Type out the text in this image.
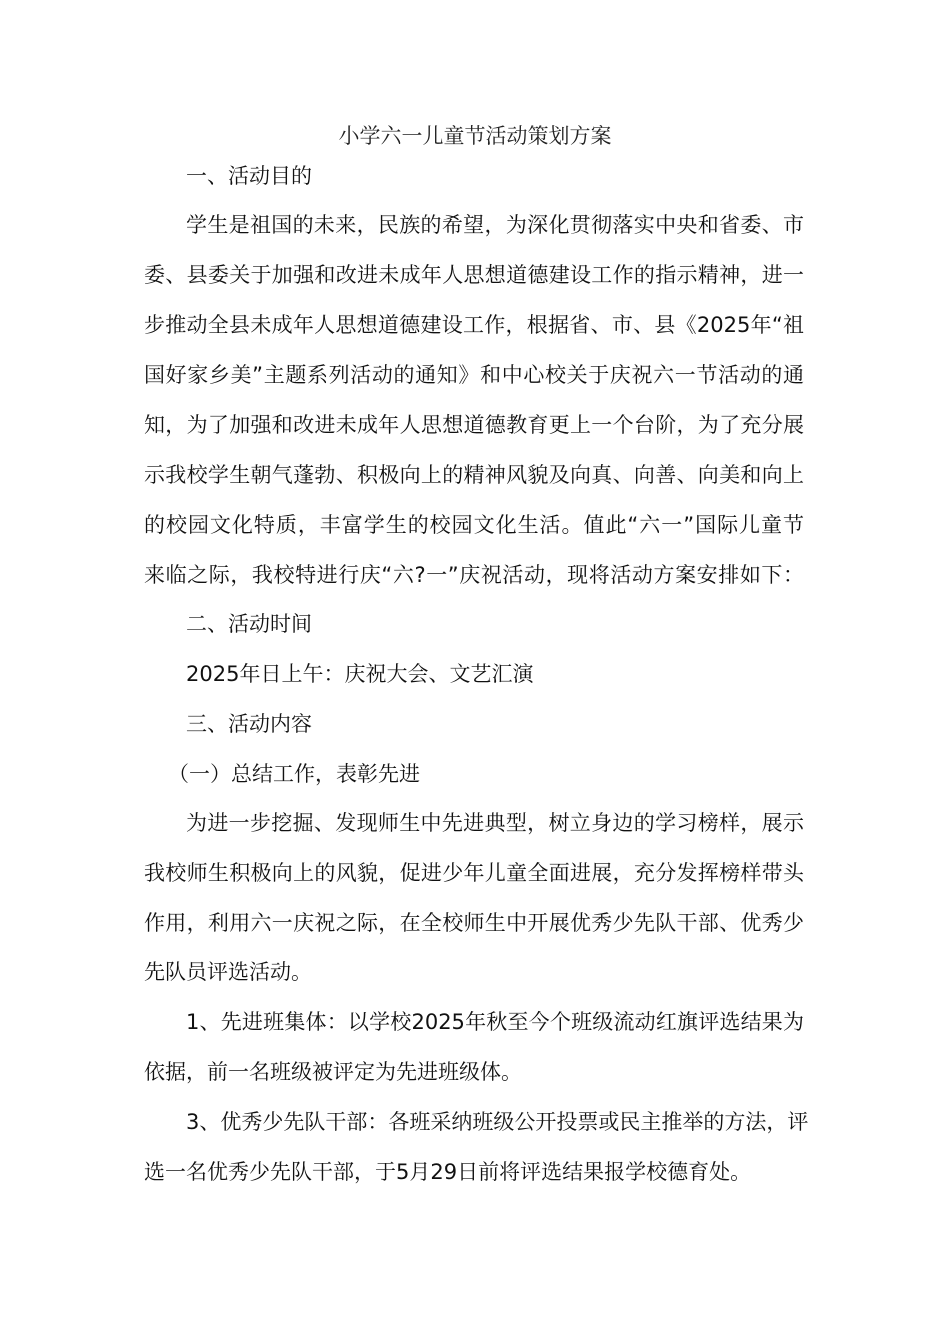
小学六一儿童节活动策划方案
一、活动目的
学生是祖国的未来，民族的希望，为深化贯彻落实中央和省委、市
委、县委关于加强和改进未成年人思想道德建设工作的指示精神，进一
步推动全县未成年人思想道德建设工作，根据省、市、县《2025年“祖
国好家乡美”主题系列活动的通知》和中心校关于庆祝六一节活动的通
知，为了加强和改进未成年人思想道德教育更上一个台阶，为了充分展
示我校学生朝气蓬勃、积极向上的精神风貌及向真、向善、向美和向上
的校园文化特质，丰富学生的校园文化生活。值此“六一”国际儿童节
来临之际，我校特进行庆“六?一”庆祝活动，现将活动方案安排如下：
二、活动时间
2025年日上午：庆祝大会、文艺汇演
三、活动内容
（一）总结工作，表彰先进
为进一步挖掘、发现师生中先进典型，树立身边的学习榜样，展示
我校师生积极向上的风貌，促进少年儿童全面进展，充分发挥榜样带头
作用，利用六一庆祝之际，在全校师生中开展优秀少先队干部、优秀少
先队员评选活动。
1、先进班集体：以学校2025年秋至今个班级流动红旗评选结果为
依据，前一名班级被评定为先进班级体。
3、优秀少先队干部：各班采纳班级公开投票或民主推举的方法，评
选一名优秀少先队干部，于5月29日前将评选结果报学校德育处。
